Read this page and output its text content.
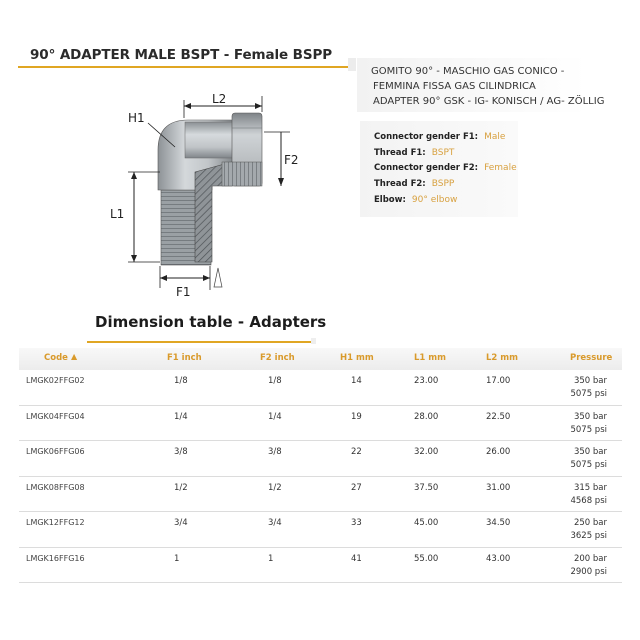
90° ADAPTER MALE BSPT - Female BSPP
GOMITO 90° - MASCHIO GAS CONICO -
FEMMINA FISSA GAS CILINDRICA
ADAPTER 90° GSK - IG- KONISCH / AG- ZÖLLIG
Connector gender F1: Male
Thread F1: BSPT
Connector gender F2: Female
Thread F2: BSPP
Elbow: 90° elbow
L2
F2
H1
L1
F1
Dimension table - Adapters
Code ▲	F1 inch	F2 inch	H1 mm	L1 mm	L2 mm	Pressure
LMGK02FFG02	1/8	1/8	14	23.00	17.00	350 bar
5075 psi
LMGK04FFG04	1/4	1/4	19	28.00	22.50	350 bar
5075 psi
LMGK06FFG06	3/8	3/8	22	32.00	26.00	350 bar
5075 psi
LMGK08FFG08	1/2	1/2	27	37.50	31.00	315 bar
4568 psi
LMGK12FFG12	3/4	3/4	33	45.00	34.50	250 bar
3625 psi
LMGK16FFG16	1	1	41	55.00	43.00	200 bar
2900 psi
